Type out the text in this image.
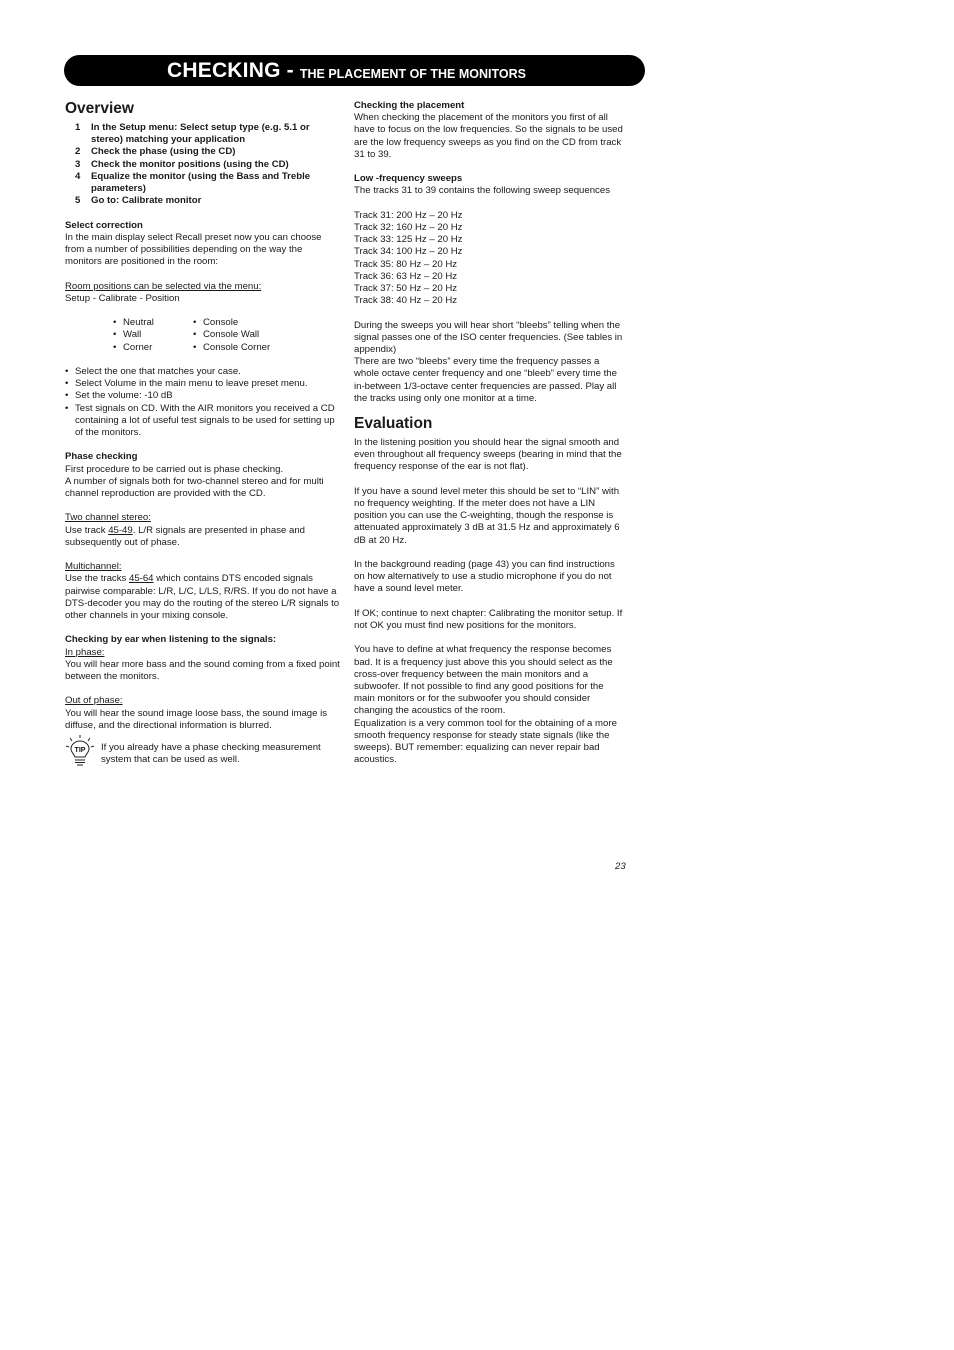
CHECKING - THE PLACEMENT OF THE MONITORS
Overview
1	In the Setup menu: Select setup type (e.g. 5.1 or stereo) matching your application
2	Check the phase (using the CD)
3	Check the monitor positions (using the CD)
4	Equalize the monitor (using the Bass and Treble parameters)
5	Go to: Calibrate monitor

Select correction

In the main display select Recall preset now you can choose from a number of possibilities depending on the way the monitors are positioned in the room:

Room positions can be selected via the menu:

Setup - Calibrate - Position

• Neutral
• Wall
• Corner
• Console
• Console Wall
• Console Corner
• Select the one that matches your case.
• Select Volume in the main menu to leave preset menu.
• Set the volume: -10 dB
• Test signals on CD. With the AIR monitors you received a CD containing a lot of useful test signals to be used for setting up of the monitors.

Phase checking

First procedure to be carried out is phase checking.

A number of signals both for two-channel stereo and for multi channel reproduction are provided with the CD.

Two channel stereo:

Use track 45-49. L/R signals are presented in phase and subsequently out of phase.

Multichannel:

Use the tracks 45-64 which contains DTS encoded signals pairwise comparable: L/R, L/C, L/LS, R/RS. If you do not have a DTS-decoder you may do the routing of the stereo L/R signals to other channels in your mixing console.

Checking by ear when listening to the signals:

In phase:

You will hear more bass and the sound coming from a fixed point between the monitors.

Out of phase:

You will hear the sound image loose bass, the sound image is diffuse, and the directional information is blurred.

TIP If you already have a phase checking measurement system that can be used as well.

Checking the placement

When checking the placement of the monitors you first of all have to focus on the low frequencies. So the signals to be used are the low frequency sweeps as you find on the CD from track 31 to 39.

Low -frequency sweeps

The tracks 31 to 39 contains the following sweep sequences

Track 31: 200 Hz – 20 Hz

Track 32: 160 Hz – 20 Hz

Track 33: 125 Hz – 20 Hz

Track 34: 100 Hz – 20 Hz

Track 35: 80 Hz – 20 Hz

Track 36: 63 Hz – 20 Hz

Track 37: 50 Hz – 20 Hz

Track 38: 40 Hz – 20 Hz

During the sweeps you will hear short “bleebs” telling when the signal passes one of the ISO center frequencies. (See tables in appendix)

There are two “bleebs” every time the frequency passes a whole octave center frequency and one “bleeb” every time the in-between 1/3-octave center frequencies are passed. Play all the tracks using only one monitor at a time.

Evaluation

In the listening position you should hear the signal smooth and even throughout all frequency sweeps (bearing in mind that the frequency response of the ear is not flat).

If you have a sound level meter this should be set to “LIN” with no frequency weighting. If the meter does not have a LIN position you can use the C-weighting, though the response is attenuated approximately 3 dB at 31.5 Hz and approximately 6 dB at 20 Hz.

In the background reading (page 43) you can find instructions on how alternatively to use a studio microphone if you do not have a sound level meter.

If OK; continue to next chapter: Calibrating the monitor setup. If not OK you must find new positions for the monitors.

You have to define at what frequency the response becomes bad. It is a frequency just above this you should select as the cross-over frequency between the main monitors and a subwoofer. If not possible to find any good positions for the main monitors or for the subwoofer you should consider changing the acoustics of the room.

Equalization is a very common tool for the obtaining of a more smooth frequency response for steady state signals (like the sweeps). BUT remember: equalizing can never repair bad acoustics.

23
